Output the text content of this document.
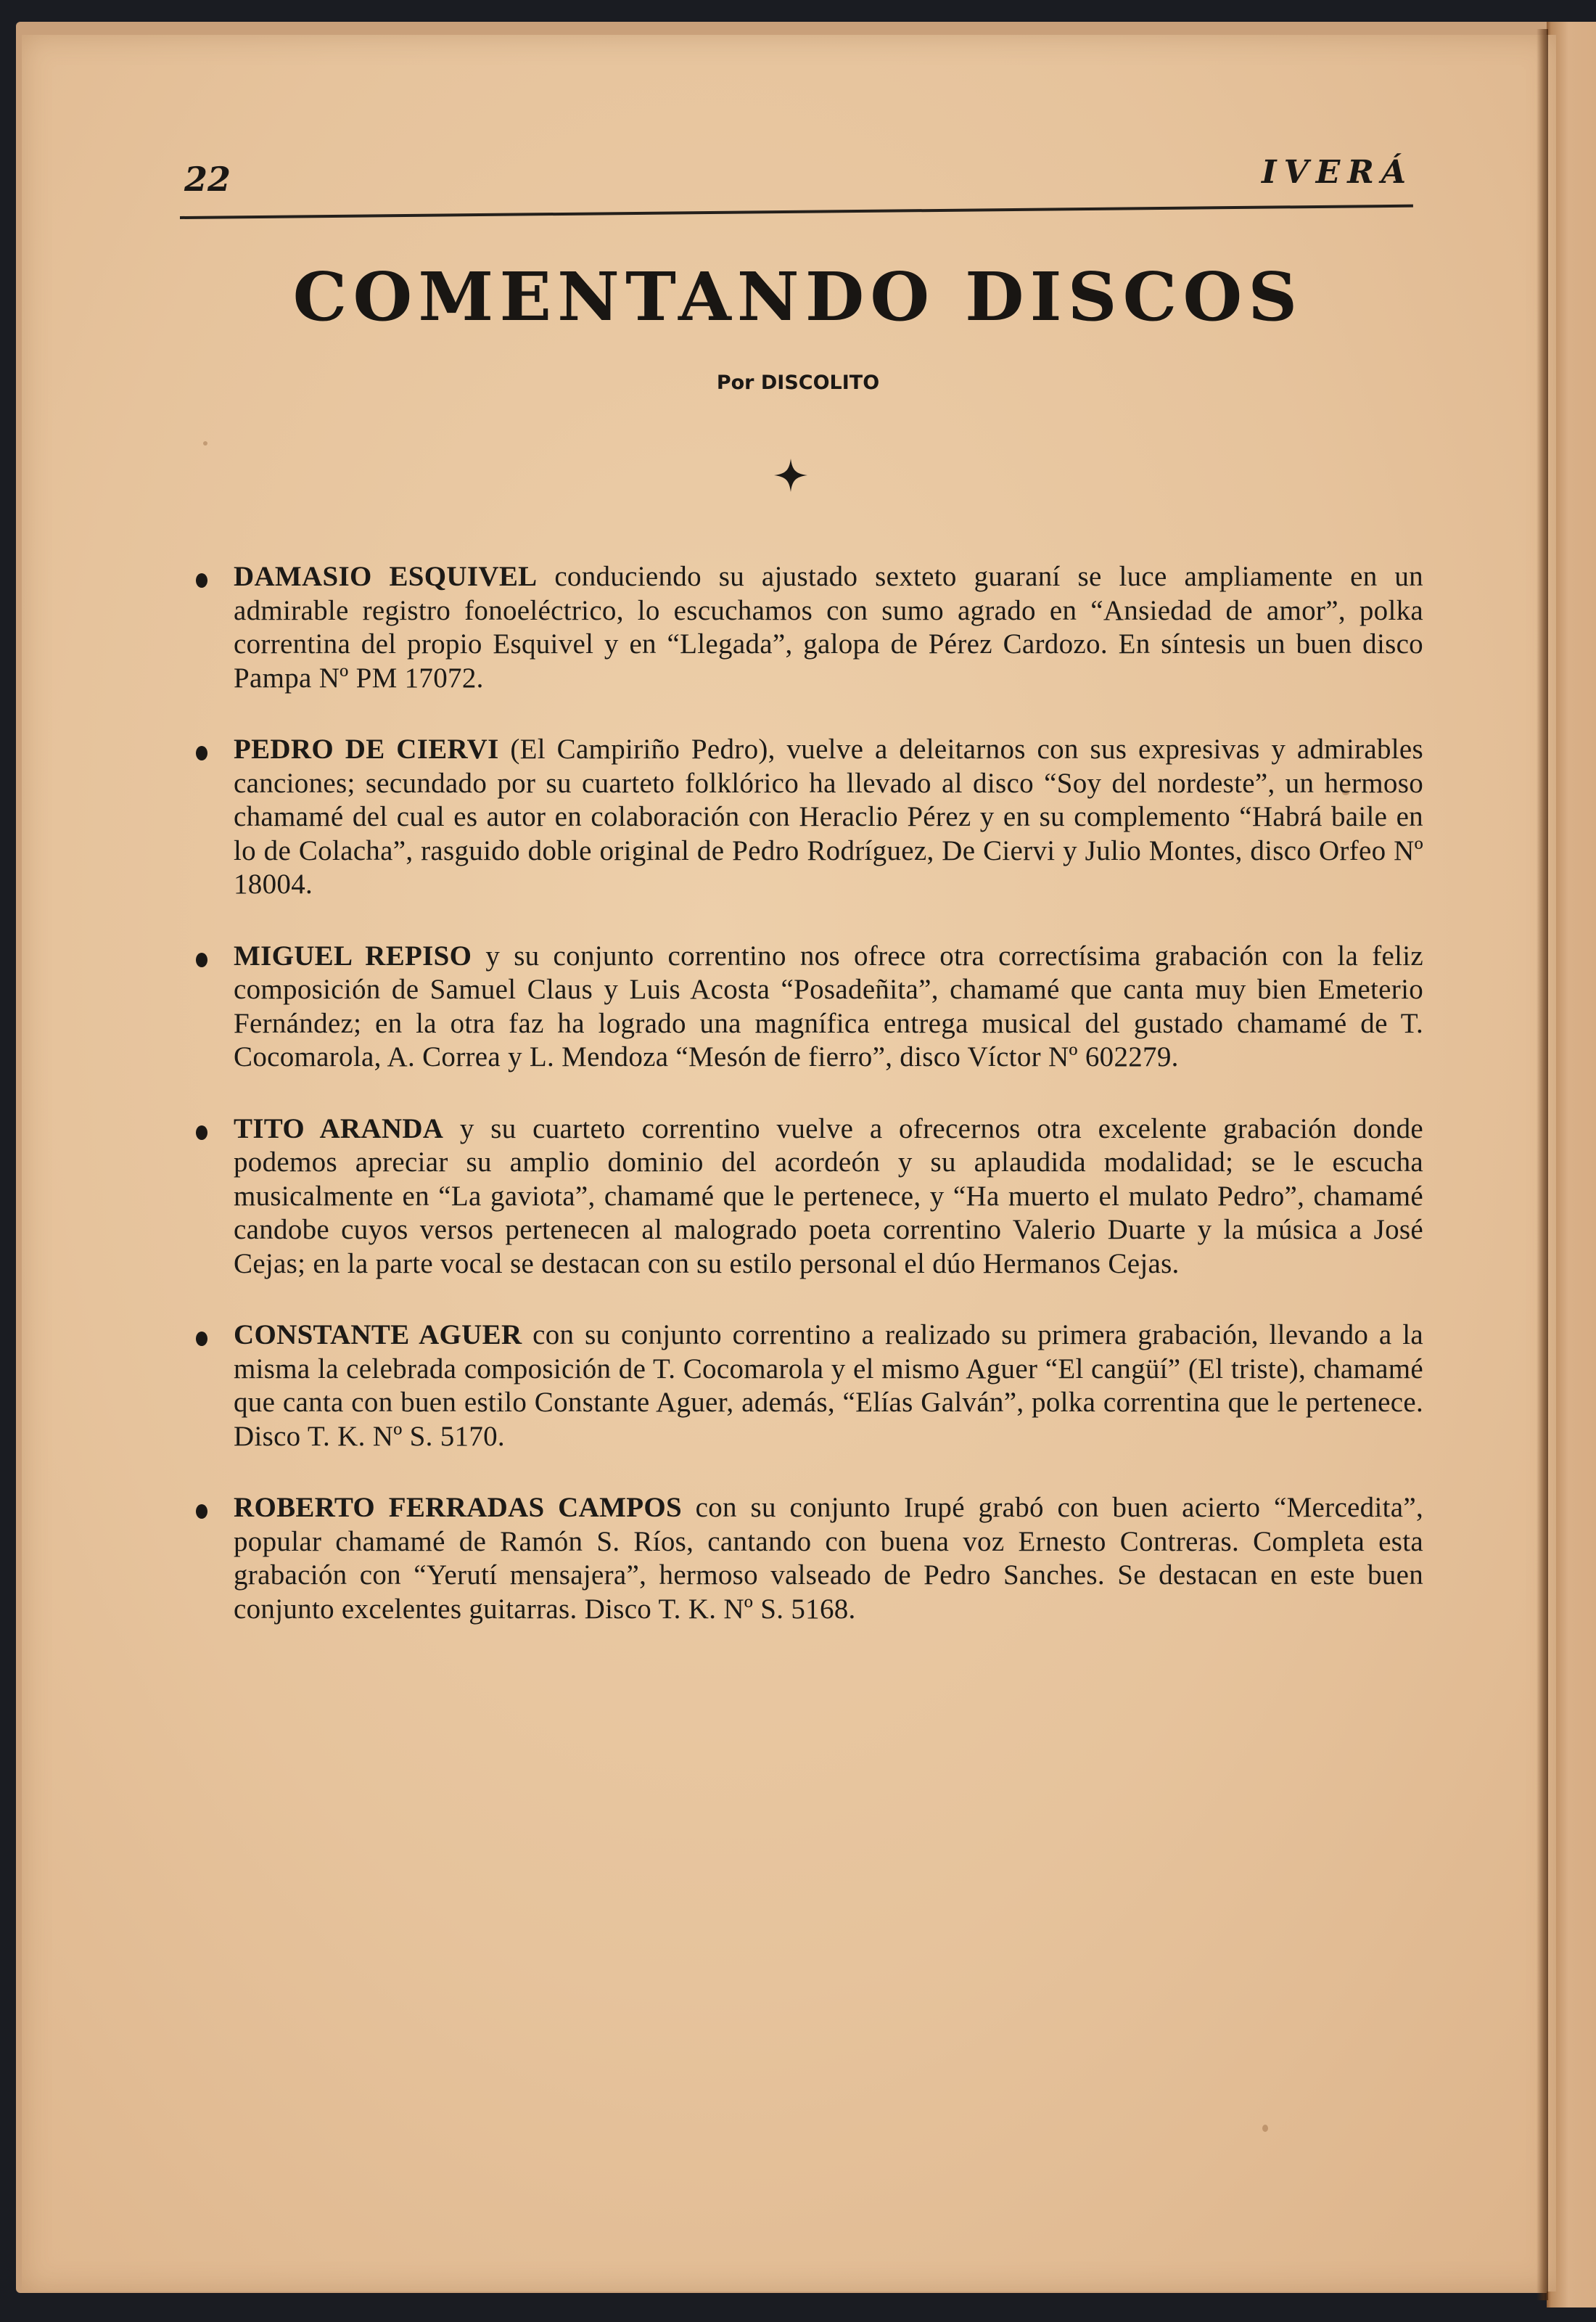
22	IVERÁ
COMENTANDO DISCOS
Por DISCOLITO

DAMASIO ESQUIVEL conduciendo su ajustado sexteto guaraní se luce ampliamente en un admirable registro fonoeléctrico, lo escuchamos con sumo agrado en “Ansiedad de amor”, polka correntina del propio Esquivel y en “Llegada”, galopa de Pérez Cardozo. En síntesis un buen disco Pampa Nº PM 17072.

PEDRO DE CIERVI (El Campiriño Pedro), vuelve a deleitarnos con sus expresivas y admirables canciones; secundado por su cuarteto folklórico ha llevado al disco “Soy del nordeste”, un hermoso chamamé del cual es autor en colaboración con Heraclio Pérez y en su complemento “Habrá baile en lo de Colacha”, rasguido doble original de Pedro Rodríguez, De Ciervi y Julio Montes, disco Orfeo Nº 18004.

MIGUEL REPISO y su conjunto correntino nos ofrece otra correctísima grabación con la feliz composición de Samuel Claus y Luis Acosta “Posadeñita”, chamamé que canta muy bien Emeterio Fernández; en la otra faz ha logrado una magnífica entrega musical del gustado chamamé de T. Cocomarola, A. Correa y L. Mendoza “Mesón de fierro”, disco Víctor Nº 602279.

TITO ARANDA y su cuarteto correntino vuelve a ofrecernos otra excelente grabación donde podemos apreciar su amplio dominio del acordeón y su aplaudida modalidad; se le escucha musicalmente en “La gaviota”, chamamé que le pertenece, y “Ha muerto el mulato Pedro”, chamamé candobe cuyos versos pertenecen al malogrado poeta correntino Valerio Duarte y la música a José Cejas; en la parte vocal se destacan con su estilo personal el dúo Hermanos Cejas.

CONSTANTE AGUER con su conjunto correntino a realizado su primera grabación, llevando a la misma la celebrada composición de T. Cocomarola y el mismo Aguer “El cangüí” (El triste), chamamé que canta con buen estilo Constante Aguer, además, “Elías Galván”, polka correntina que le pertenece. Disco T. K. Nº S. 5170.

ROBERTO FERRADAS CAMPOS con su conjunto Irupé grabó con buen acierto “Mercedita”, popular chamamé de Ramón S. Ríos, cantando con buena voz Ernesto Contreras. Completa esta grabación con “Yerutí mensajera”, hermoso valseado de Pedro Sanches. Se destacan en este buen conjunto excelentes guitarras. Disco T. K. Nº S. 5168.
